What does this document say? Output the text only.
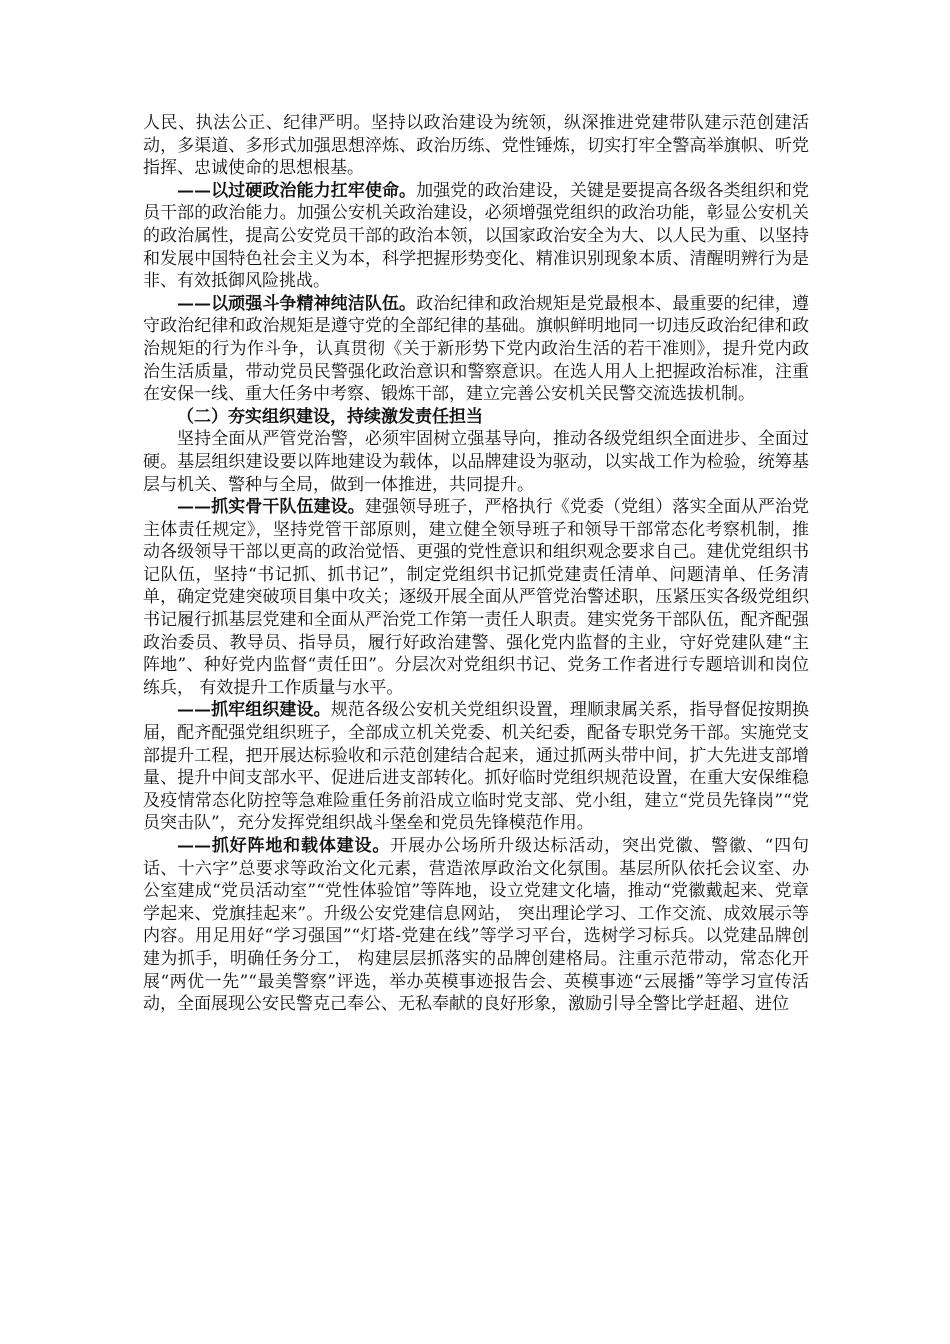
人民、执法公正、纪律严明。坚持以政治建设为统领，纵深推进党建带队建示范创建活动，多渠道、多形式加强思想淬炼、政治历练、党性锤炼，切实打牢全警高举旗帜、听党指挥、忠诚使命的思想根基。

——以过硬政治能力扛牢使命。加强党的政治建设，关键是要提高各级各类组织和党员干部的政治能力。加强公安机关政治建设，必须增强党组织的政治功能，彰显公安机关的政治属性，提高公安党员干部的政治本领，以国家政治安全为大、以人民为重、以坚持和发展中国特色社会主义为本，科学把握形势变化、精准识别现象本质、清醒明辨行为是非、有效抵御风险挑战。

——以顽强斗争精神纯洁队伍。政治纪律和政治规矩是党最根本、最重要的纪律，遵守政治纪律和政治规矩是遵守党的全部纪律的基础。旗帜鲜明地同一切违反政治纪律和政治规矩的行为作斗争，认真贯彻《关于新形势下党内政治生活的若干准则》，提升党内政治生活质量，带动党员民警强化政治意识和警察意识。在选人用人上把握政治标准，注重在安保一线、重大任务中考察、锻炼干部，建立完善公安机关民警交流选拔机制。

（二）夯实组织建设，持续激发责任担当

坚持全面从严管党治警，必须牢固树立强基导向，推动各级党组织全面进步、全面过硬。基层组织建设要以阵地建设为载体，以品牌建设为驱动，以实战工作为检验，统筹基层与机关、警种与全局，做到一体推进，共同提升。

——抓实骨干队伍建设。建强领导班子，严格执行《党委（党组）落实全面从严治党主体责任规定》，坚持党管干部原则，建立健全领导班子和领导干部常态化考察机制，推动各级领导干部以更高的政治觉悟、更强的党性意识和组织观念要求自己。建优党组织书记队伍，坚持“书记抓、抓书记”，制定党组织书记抓党建责任清单、问题清单、任务清单，确定党建突破项目集中攻关；逐级开展全面从严管党治警述职，压紧压实各级党组织书记履行抓基层党建和全面从严治党工作第一责任人职责。建实党务干部队伍，配齐配强政治委员、教导员、指导员，履行好政治建警、强化党内监督的主业，守好党建队建“主阵地”、种好党内监督“责任田”。分层次对党组织书记、党务工作者进行专题培训和岗位练兵， 有效提升工作质量与水平。

——抓牢组织建设。规范各级公安机关党组织设置，理顺隶属关系，指导督促按期换届，配齐配强党组织班子，全部成立机关党委、机关纪委，配备专职党务干部。实施党支部提升工程，把开展达标验收和示范创建结合起来，通过抓两头带中间，扩大先进支部增量、提升中间支部水平、促进后进支部转化。抓好临时党组织规范设置，在重大安保维稳及疫情常态化防控等急难险重任务前沿成立临时党支部、党小组，建立“党员先锋岗”“党员突击队”，充分发挥党组织战斗堡垒和党员先锋模范作用。

——抓好阵地和载体建设。开展办公场所升级达标活动，突出党徽、警徽、“四句话、十六字”总要求等政治文化元素，营造浓厚政治文化氛围。基层所队依托会议室、办公室建成“党员活动室”“党性体验馆”等阵地，设立党建文化墙，推动“党徽戴起来、党章学起来、党旗挂起来”。升级公安党建信息网站， 突出理论学习、工作交流、成效展示等内容。用足用好“学习强国”“灯塔-党建在线”等学习平台，选树学习标兵。以党建品牌创建为抓手，明确任务分工， 构建层层抓落实的品牌创建格局。注重示范带动，常态化开展“两优一先”“最美警察”评选，举办英模事迹报告会、英模事迹“云展播”等学习宣传活动，全面展现公安民警克己奉公、无私奉献的良好形象，激励引导全警比学赶超、进位
